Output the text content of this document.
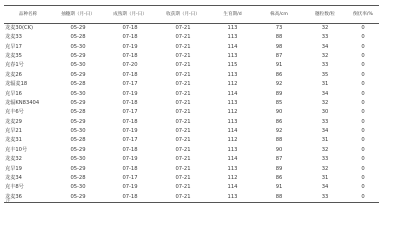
品种名称	抽穗期（月-日）	成熟期（月-日）	收获期（月-日）	生育期/d	株高/cm	穗粒数/粒	倒伏率/%
龙麦30(CK)	05-29	07-18	07-21	113	73	32	0
龙麦33	05-28	07-18	07-21	113	88	33	0
克旱17	05-30	07-19	07-21	114	98	34	0
龙麦35	05-29	07-18	07-21	113	87	32	0
克春1号	05-30	07-20	07-21	115	91	33	0
龙麦26	05-29	07-18	07-21	113	86	35	0
龙辐麦18	05-28	07-17	07-21	112	92	31	0
克旱16	05-30	07-19	07-21	114	89	34	0
龙辐KN83404	05-29	07-18	07-21	113	85	32	0
克丰6号	05-28	07-17	07-21	112	90	30	0
龙麦29	05-29	07-18	07-21	113	86	33	0
克旱21	05-30	07-19	07-21	114	92	34	0
龙麦31	05-28	07-17	07-21	112	88	31	0
克丰10号	05-29	07-18	07-21	113	90	32	0
龙麦32	05-30	07-19	07-21	114	87	33	0
克旱19	05-29	07-18	07-21	113	89	32	0
龙麦34	05-28	07-17	07-21	112	86	31	0
克丰8号	05-30	07-19	07-21	114	91	34	0
龙麦36	05-29	07-18	07-21	113	88	33	0
注
